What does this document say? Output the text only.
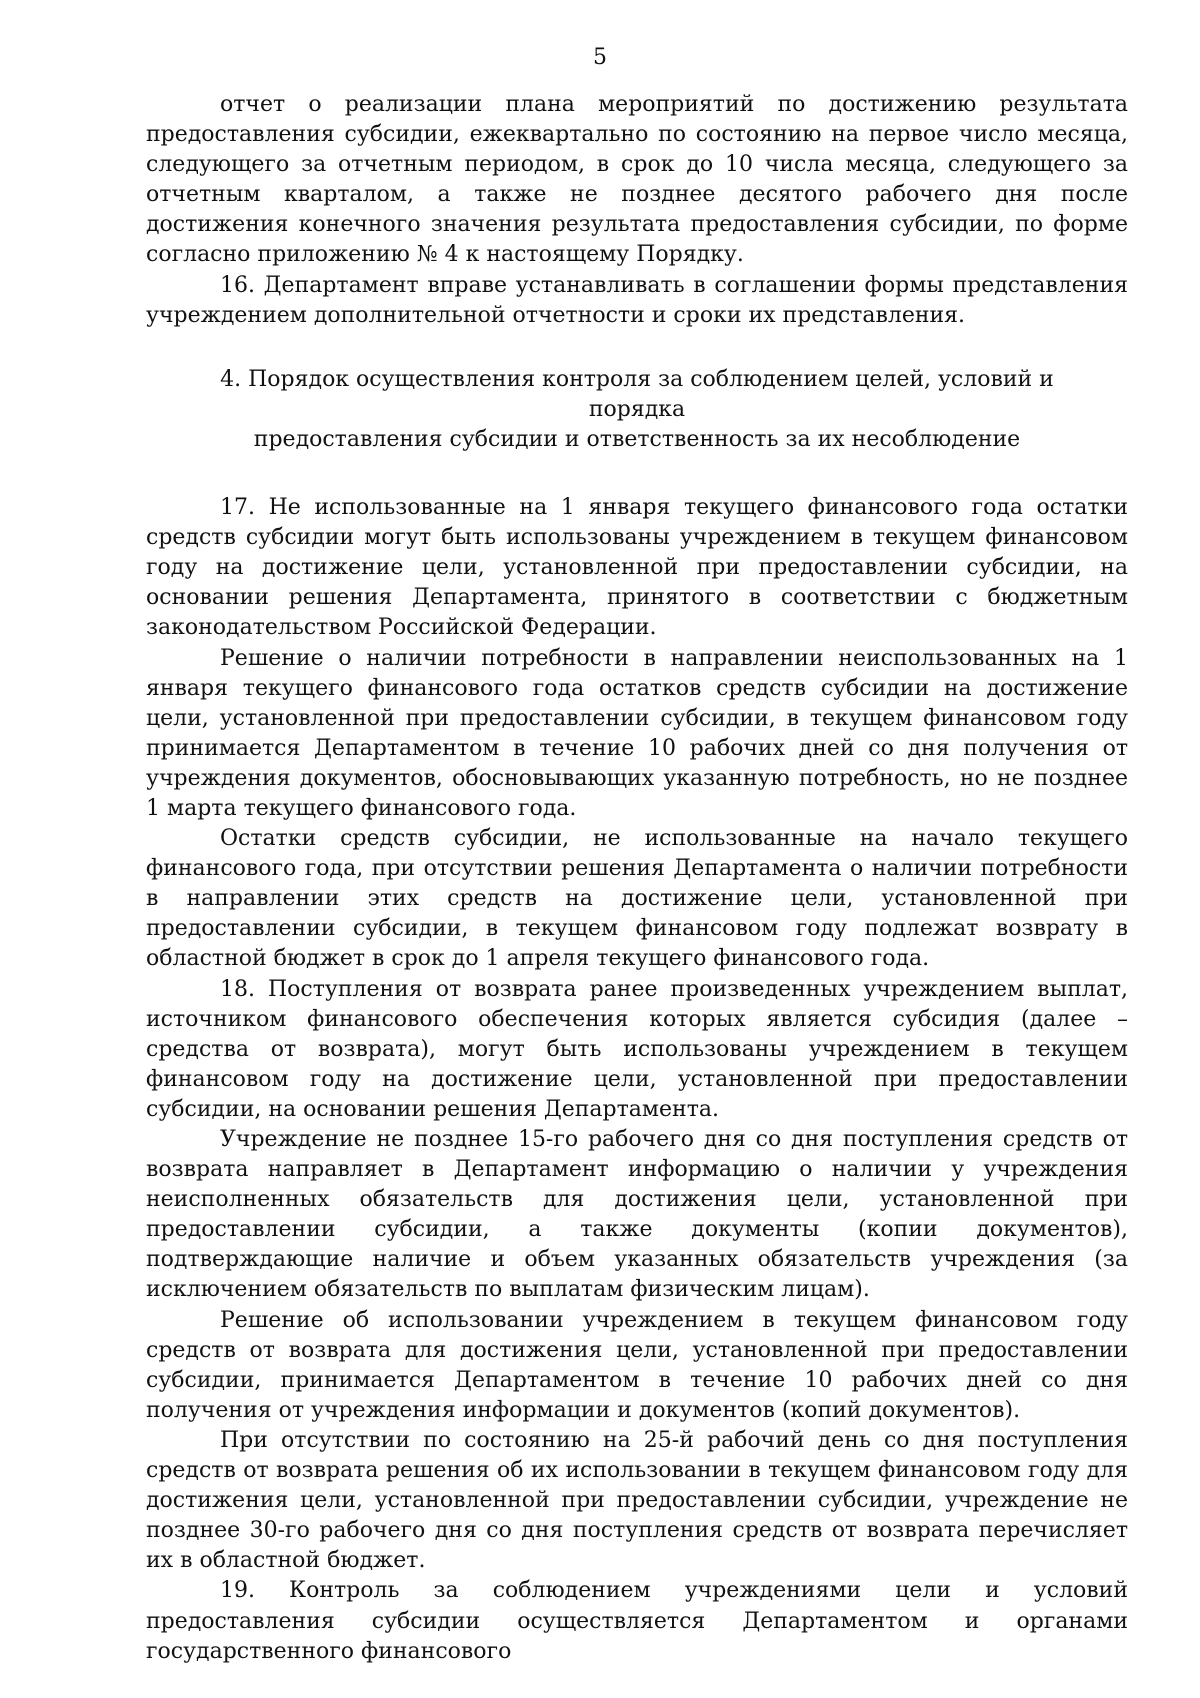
5

отчет о реализации плана мероприятий по достижению результата предоставления субсидии, ежеквартально по состоянию на первое число месяца, следующего за отчетным периодом, в срок до 10 числа месяца, следующего за отчетным кварталом, а также не позднее десятого рабочего дня после достижения конечного значения результата предоставления субсидии, по форме согласно приложению № 4 к настоящему Порядку.

16. Департамент вправе устанавливать в соглашении формы представления учреждением дополнительной отчетности и сроки их представления.

4. Порядок осуществления контроля за соблюдением целей, условий и порядка
предоставления субсидии и ответственность за их несоблюдение

17. Не использованные на 1 января текущего финансового года остатки средств субсидии могут быть использованы учреждением в текущем финансовом году на достижение цели, установленной при предоставлении субсидии, на основании решения Департамента, принятого в соответствии с бюджетным законодательством Российской Федерации.

Решение о наличии потребности в направлении неиспользованных на 1 января текущего финансового года остатков средств субсидии на достижение цели, установленной при предоставлении субсидии, в текущем финансовом году принимается Департаментом в течение 10 рабочих дней со дня получения от учреждения документов, обосновывающих указанную потребность, но не позднее 1 марта текущего финансового года.

Остатки средств субсидии, не использованные на начало текущего финансового года, при отсутствии решения Департамента о наличии потребности в направлении этих средств на достижение цели, установленной при предоставлении субсидии, в текущем финансовом году подлежат возврату в областной бюджет в срок до 1 апреля текущего финансового года.

18. Поступления от возврата ранее произведенных учреждением выплат, источником финансового обеспечения которых является субсидия (далее – средства от возврата), могут быть использованы учреждением в текущем финансовом году на достижение цели, установленной при предоставлении субсидии, на основании решения Департамента.

Учреждение не позднее 15-го рабочего дня со дня поступления средств от возврата направляет в Департамент информацию о наличии у учреждения неисполненных обязательств для достижения цели, установленной при предоставлении субсидии, а также документы (копии документов), подтверждающие наличие и объем указанных обязательств учреждения (за исключением обязательств по выплатам физическим лицам).

Решение об использовании учреждением в текущем финансовом году средств от возврата для достижения цели, установленной при предоставлении субсидии, принимается Департаментом в течение 10 рабочих дней со дня получения от учреждения информации и документов (копий документов).

При отсутствии по состоянию на 25-й рабочий день со дня поступления средств от возврата решения об их использовании в текущем финансовом году для достижения цели, установленной при предоставлении субсидии, учреждение не позднее 30-го рабочего дня со дня поступления средств от возврата перечисляет их в областной бюджет.

19. Контроль за соблюдением учреждениями цели и условий предоставления субсидии осуществляется Департаментом и органами государственного финансового
